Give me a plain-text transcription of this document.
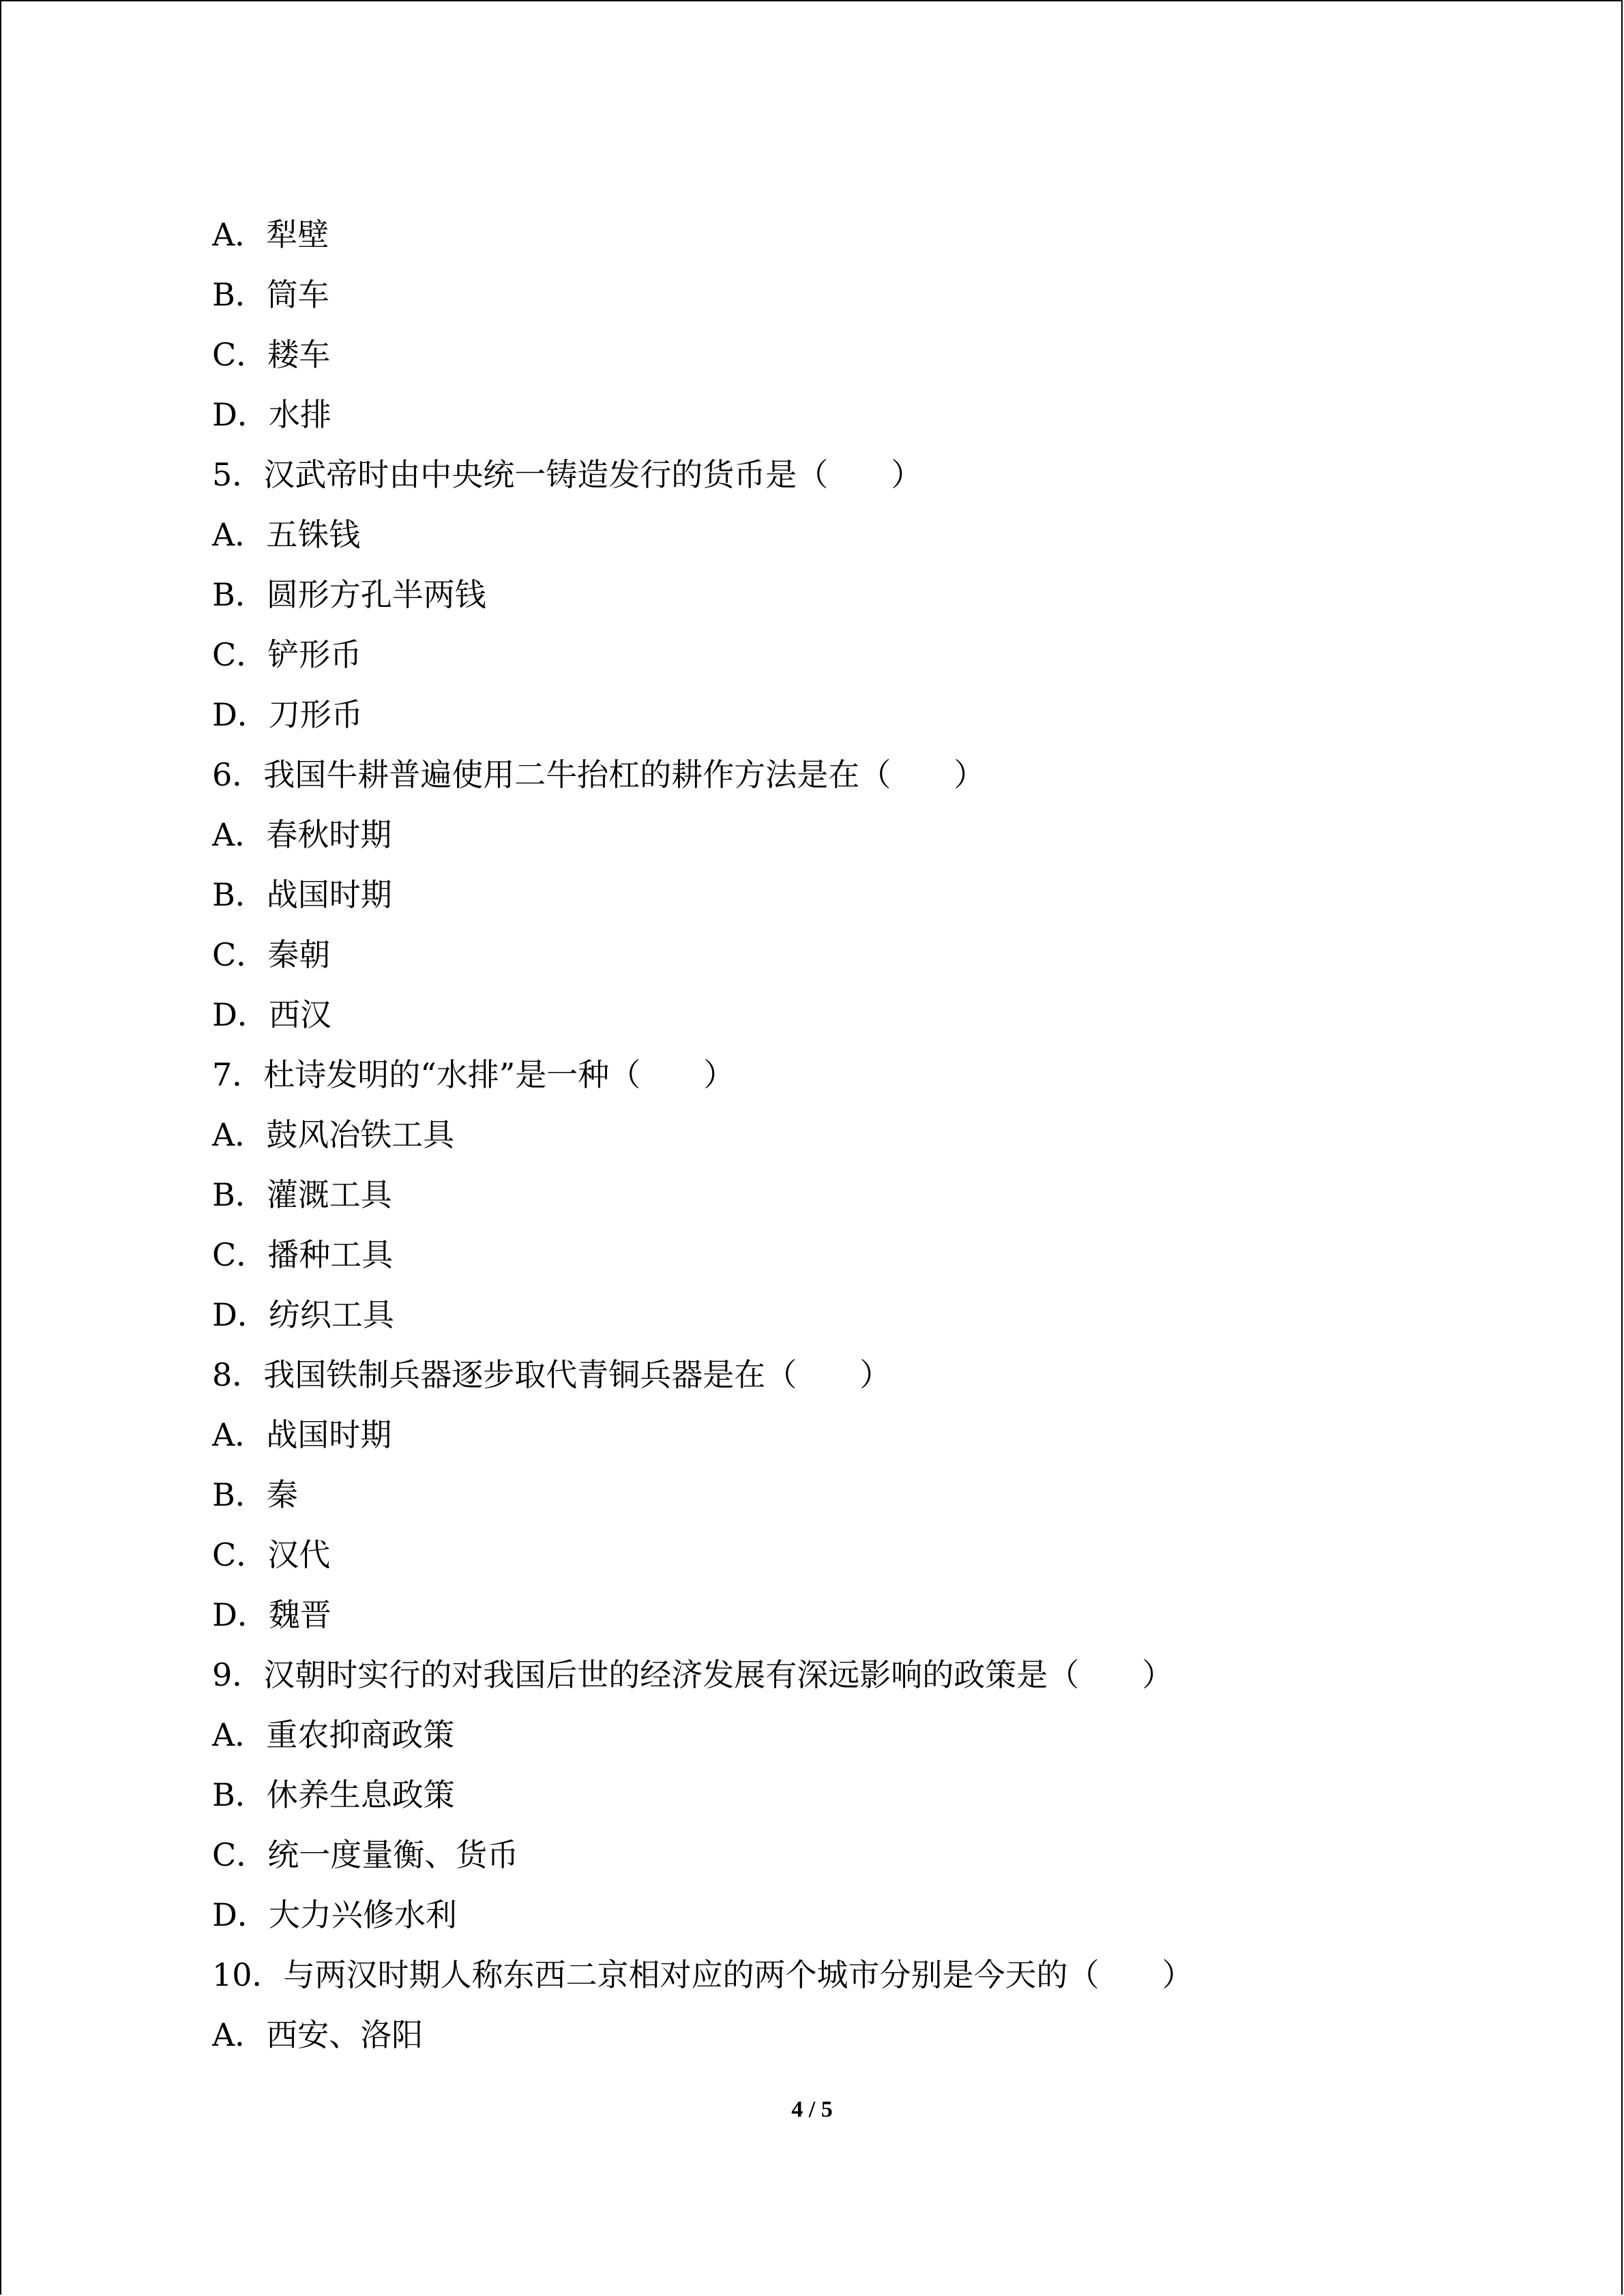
A．犁壁
B．筒车
C．耧车
D．水排
5．汉武帝时由中央统一铸造发行的货币是（　　）
A．五铢钱
B．圆形方孔半两钱
C．铲形币
D．刀形币
6．我国牛耕普遍使用二牛抬杠的耕作方法是在（　　）
A．春秋时期
B．战国时期
C．秦朝
D．西汉
7．杜诗发明的“水排”是一种（　　）
A．鼓风冶铁工具
B．灌溉工具
C．播种工具
D．纺织工具
8．我国铁制兵器逐步取代青铜兵器是在（　　）
A．战国时期
B．秦
C．汉代
D．魏晋
9．汉朝时实行的对我国后世的经济发展有深远影响的政策是（　　）
A．重农抑商政策
B．休养生息政策
C．统一度量衡、货币
D．大力兴修水利
10．与两汉时期人称东西二京相对应的两个城市分别是今天的（　　）
A．西安、洛阳
4 / 5
